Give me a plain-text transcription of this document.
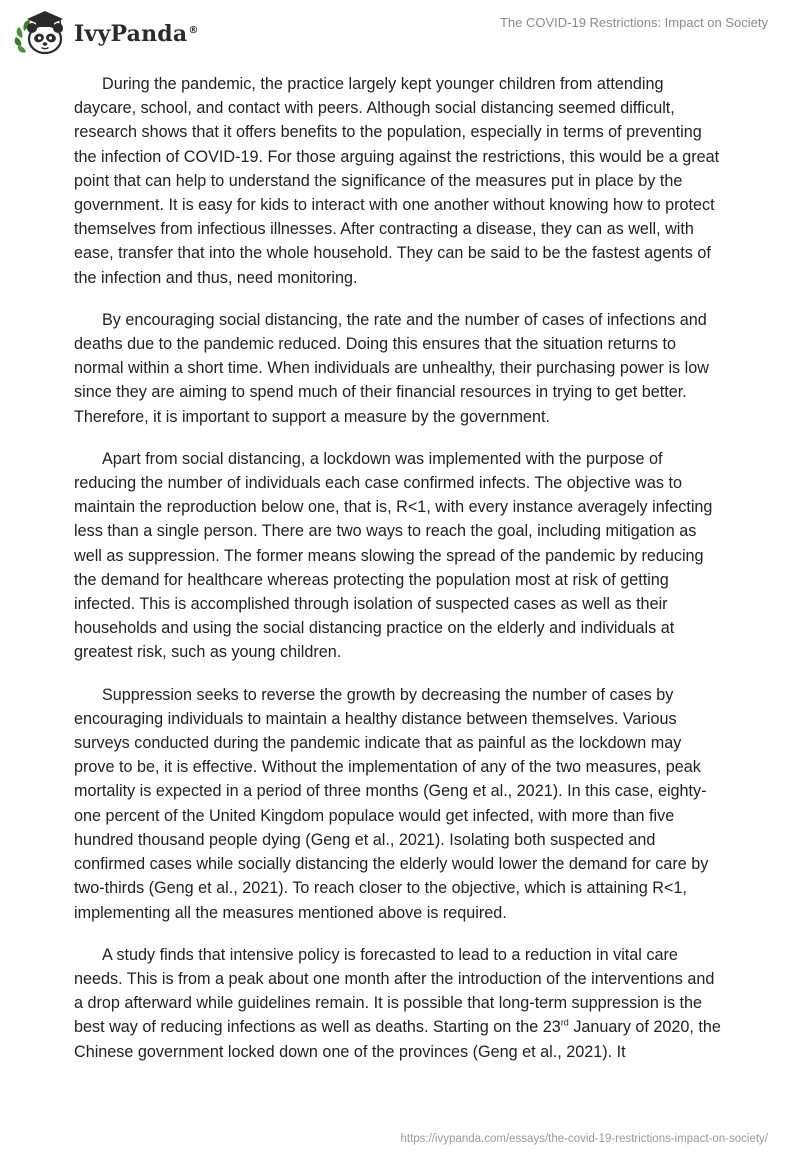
IvyPanda®
The COVID-19 Restrictions: Impact on Society

During the pandemic, the practice largely kept younger children from attending daycare, school, and contact with peers. Although social distancing seemed difficult, research shows that it offers benefits to the population, especially in terms of preventing the infection of COVID-19. For those arguing against the restrictions, this would be a great point that can help to understand the significance of the measures put in place by the government. It is easy for kids to interact with one another without knowing how to protect themselves from infectious illnesses. After contracting a disease, they can as well, with ease, transfer that into the whole household. They can be said to be the fastest agents of the infection and thus, need monitoring.

By encouraging social distancing, the rate and the number of cases of infections and deaths due to the pandemic reduced. Doing this ensures that the situation returns to normal within a short time. When individuals are unhealthy, their purchasing power is low since they are aiming to spend much of their financial resources in trying to get better. Therefore, it is important to support a measure by the government.

Apart from social distancing, a lockdown was implemented with the purpose of reducing the number of individuals each case confirmed infects. The objective was to maintain the reproduction below one, that is, R<1, with every instance averagely infecting less than a single person. There are two ways to reach the goal, including mitigation as well as suppression. The former means slowing the spread of the pandemic by reducing the demand for healthcare whereas protecting the population most at risk of getting infected. This is accomplished through isolation of suspected cases as well as their households and using the social distancing practice on the elderly and individuals at greatest risk, such as young children.

Suppression seeks to reverse the growth by decreasing the number of cases by encouraging individuals to maintain a healthy distance between themselves. Various surveys conducted during the pandemic indicate that as painful as the lockdown may prove to be, it is effective. Without the implementation of any of the two measures, peak mortality is expected in a period of three months (Geng et al., 2021). In this case, eighty-one percent of the United Kingdom populace would get infected, with more than five hundred thousand people dying (Geng et al., 2021). Isolating both suspected and confirmed cases while socially distancing the elderly would lower the demand for care by two-thirds (Geng et al., 2021). To reach closer to the objective, which is attaining R<1, implementing all the measures mentioned above is required.

A study finds that intensive policy is forecasted to lead to a reduction in vital care needs. This is from a peak about one month after the introduction of the interventions and a drop afterward while guidelines remain. It is possible that long-term suppression is the best way of reducing infections as well as deaths. Starting on the 23rd January of 2020, the Chinese government locked down one of the provinces (Geng et al., 2021). It

https://ivypanda.com/essays/the-covid-19-restrictions-impact-on-society/
